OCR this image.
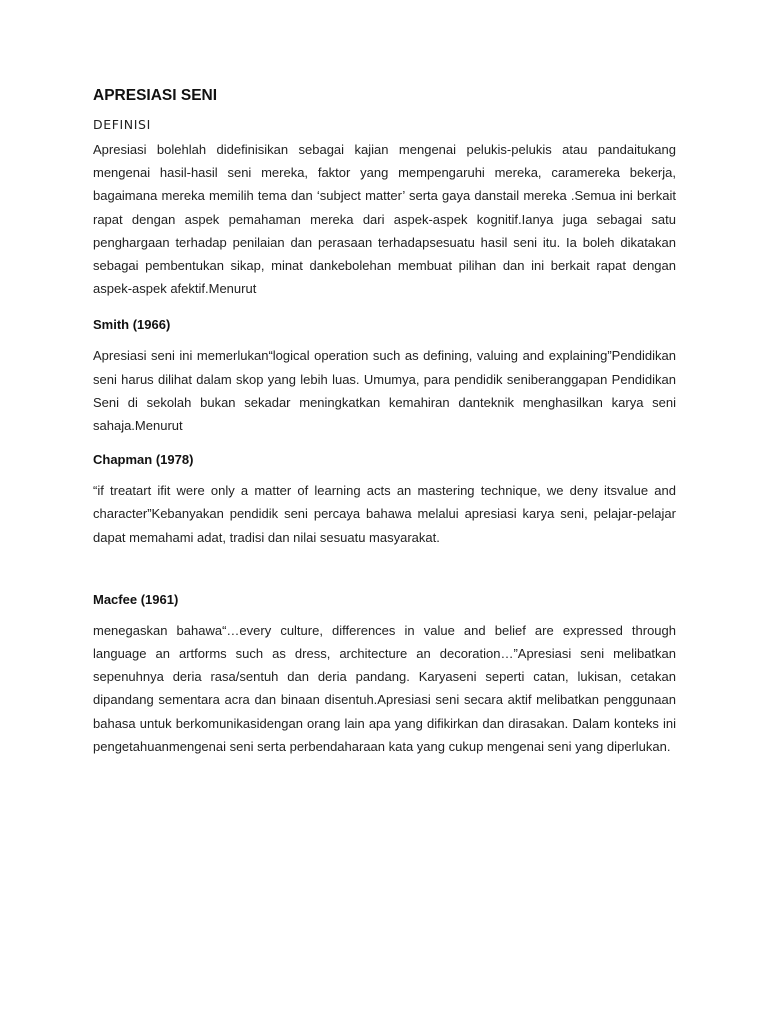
APRESIASI SENI
DEFINISI

Apresiasi bolehlah didefinisikan sebagai kajian mengenai pelukis-pelukis atau pandaitukang mengenai hasil-hasil seni mereka, faktor yang mempengaruhi mereka, caramereka bekerja, bagaimana mereka memilih tema dan ‘subject matter’ serta gaya danstail mereka .Semua ini berkait rapat dengan aspek pemahaman mereka dari aspek-aspek kognitif.Ianya juga sebagai satu penghargaan terhadap penilaian dan perasaan terhadapsesuatu hasil seni itu. Ia boleh dikatakan sebagai pembentukan sikap, minat dankebolehan membuat pilihan dan ini berkait rapat dengan aspek-aspek afektif.Menurut

Smith (1966)

Apresiasi seni ini memerlukan“logical operation such as defining, valuing and explaining”Pendidikan seni harus dilihat dalam skop yang lebih luas. Umumya, para pendidik seniberanggapan Pendidikan Seni di sekolah bukan sekadar meningkatkan kemahiran danteknik menghasilkan karya seni sahaja.Menurut

Chapman (1978)

“if treatart ifit were only a matter of learning acts an mastering technique, we deny itsvalue and character”Kebanyakan pendidik seni percaya bahawa melalui apresiasi karya seni, pelajar-pelajar dapat memahami adat, tradisi dan nilai sesuatu masyarakat.

Macfee (1961)

menegaskan bahawa“…every culture, differences in value and belief are expressed through language an artforms such as dress, architecture an decoration…”Apresiasi seni melibatkan sepenuhnya deria rasa/sentuh dan deria pandang. Karyaseni seperti catan, lukisan, cetakan dipandang sementara acra dan binaan disentuh.Apresiasi seni secara aktif melibatkan penggunaan bahasa untuk berkomunikasidengan orang lain apa yang difikirkan dan dirasakan. Dalam konteks ini pengetahuanmengenai seni serta perbendaharaan kata yang cukup mengenai seni yang diperlukan.
